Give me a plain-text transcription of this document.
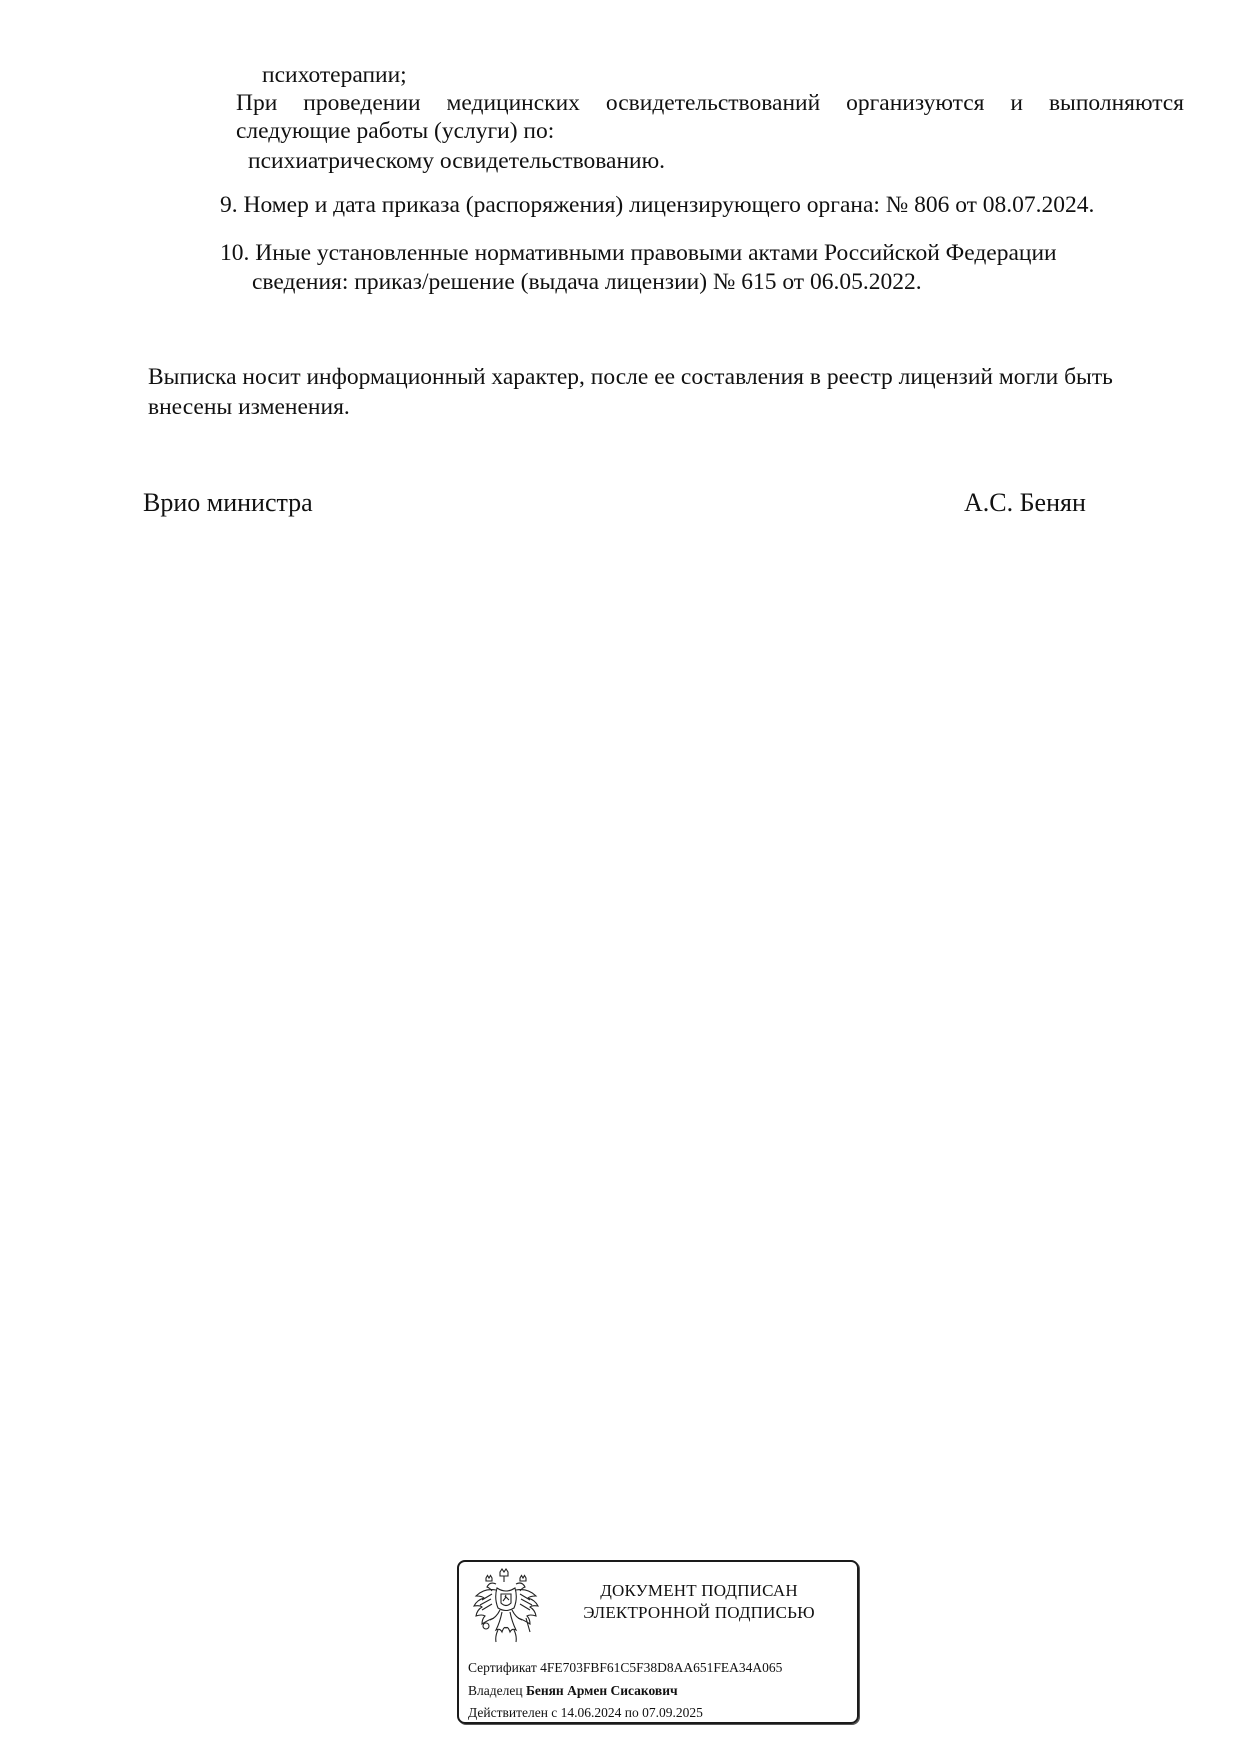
психотерапии;
При проведении медицинских освидетельствований организуются и выполняются
следующие работы (услуги) по:
психиатрическому освидетельствованию.
9. Номер и дата приказа (распоряжения) лицензирующего органа: № 806 от 08.07.2024.
10. Иные установленные нормативными правовыми актами Российской Федерации
сведения: приказ/решение (выдача лицензии) № 615 от 06.05.2022.
Выписка носит информационный характер, после ее составления в реестр лицензий могли быть
внесены изменения.
Врио министра	А.С. Бенян
ДОКУМЕНТ ПОДПИСАН
ЭЛЕКТРОННОЙ ПОДПИСЬЮ
Сертификат 4FE703FBF61C5F38D8AA651FEA34A065
Владелец Бенян Армен Сисакович
Действителен с 14.06.2024 по 07.09.2025
